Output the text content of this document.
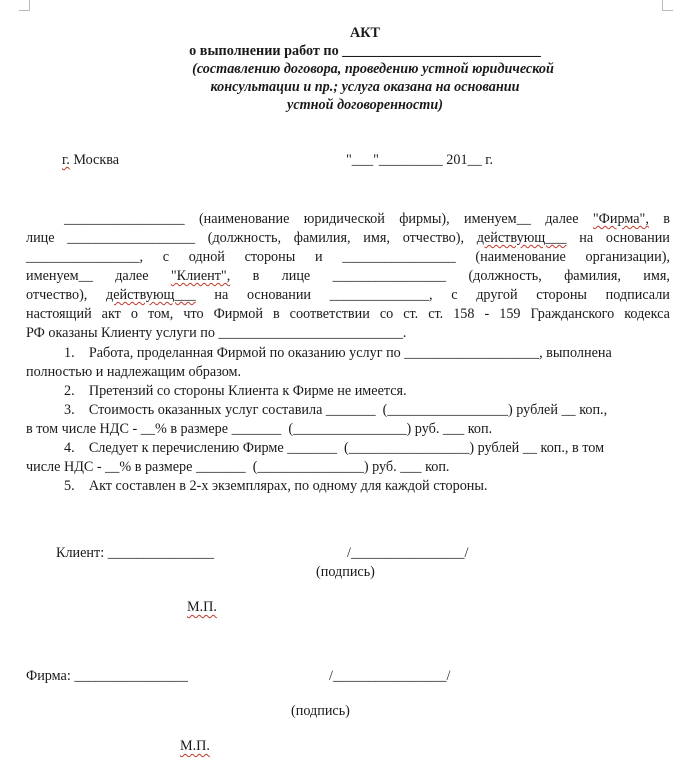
АКТ
о выполнении работ по ____________________________
(составлению договора, проведению устной юридической
консультации и пр.; услуга оказана на основании
устной договоренности)
г. Москва	"___"_________ 201__ г.
_________________ (наименование юридической фирмы), именуем__ далее "Фирма", в
лице __________________ (должность, фамилия, имя, отчество), действующ___ на основании
________________, с одной стороны и ________________ (наименование организации),
именуем__ далее "Клиент", в лице ________________ (должность, фамилия, имя,
отчество), действующ___ на основании ______________, с другой стороны подписали
настоящий акт о том, что Фирмой в соответствии со ст. ст. 158 - 159 Гражданского кодекса
РФ оказаны Клиенту услуги по __________________________.
1.    Работа, проделанная Фирмой по оказанию услуг по ___________________, выполнена
полностью и надлежащим образом.
2.    Претензий со стороны Клиента к Фирме не имеется.
3.    Стоимость оказанных услуг составила _______  (_________________) рублей __ коп.,
в том числе НДС - __% в размере _______  (________________) руб. ___ коп.
4.    Следует к перечислению Фирме _______  (_________________) рублей __ коп., в том
числе НДС - __% в размере _______  (_______________) руб. ___ коп.
5.    Акт составлен в 2-х экземплярах, по одному для каждой стороны.
Клиент: _______________	/________________/
(подпись)
М.П.
Фирма: ________________	/________________/
(подпись)
М.П.
